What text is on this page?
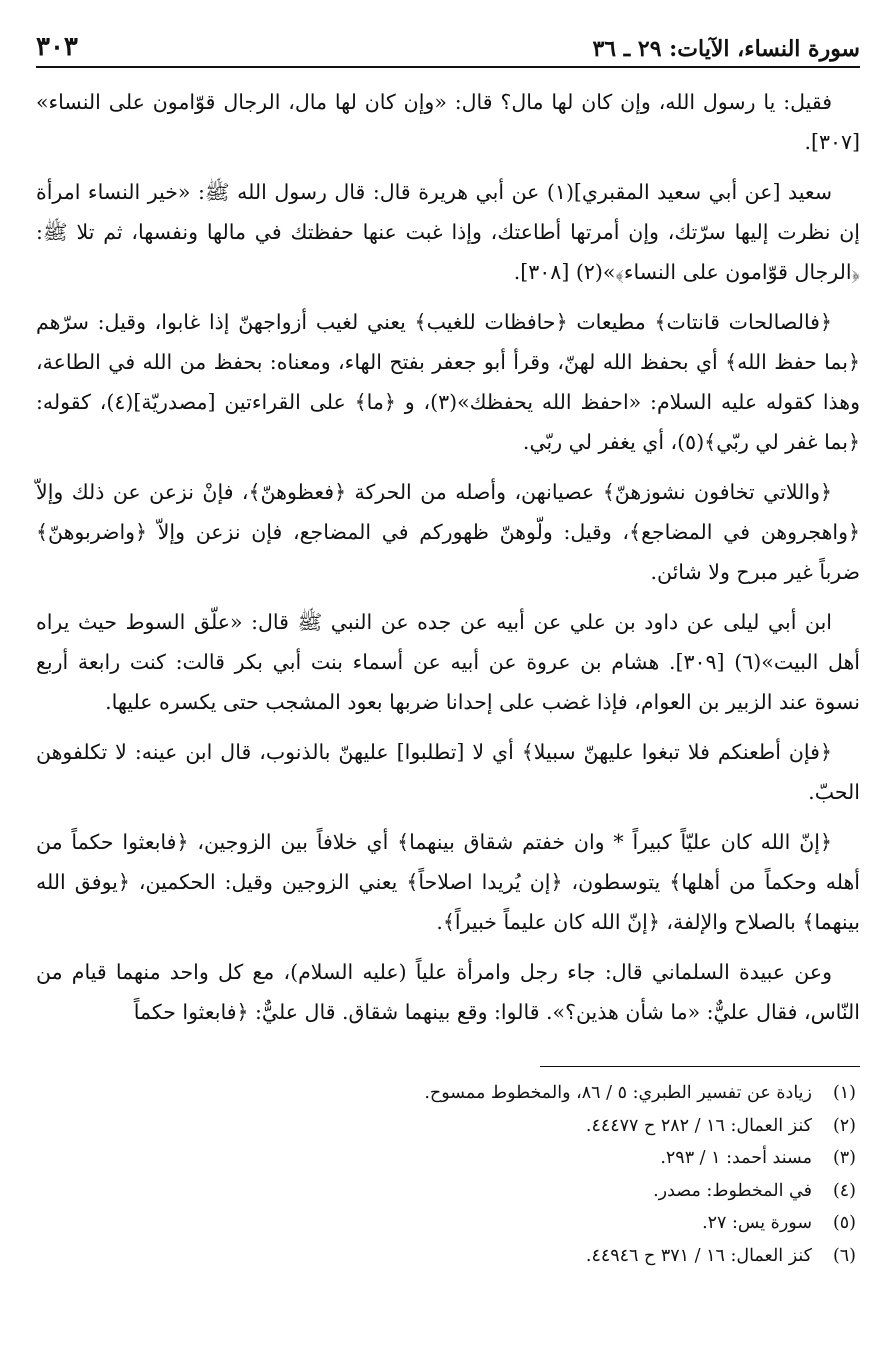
سورة النساء، الآيات: ٢٩ ـ ٣٦
٣٠٣

فقيل: يا رسول الله، وإن كان لها مال؟ قال: «وإن كان لها مال، الرجال قوّامون على النساء» [٣٠٧].

سعيد [عن أبي سعيد المقبري](١) عن أبي هريرة قال: قال رسول الله ﷺ: «خير النساء امرأة إن نظرت إليها سرّتك، وإن أمرتها أطاعتك، وإذا غبت عنها حفظتك في مالها ونفسها، ثم تلا ﷺ: ﴿الرجال قوّامون على النساء﴾»(٢) [٣٠٨].

﴿فالصالحات قانتات﴾ مطيعات ﴿حافظات للغيب﴾ يعني لغيب أزواجهنّ إذا غابوا، وقيل: سرّهم ﴿بما حفظ الله﴾ أي بحفظ الله لهنّ، وقرأ أبو جعفر بفتح الهاء، ومعناه: بحفظ من الله في الطاعة، وهذا كقوله عليه السلام: «احفظ الله يحفظك»(٣)، و ﴿ما﴾ على القراءتين [مصدريّة](٤)، كقوله: ﴿بما غفر لي ربّي﴾(٥)، أي يغفر لي ربّي.

﴿واللاتي تخافون نشوزهنّ﴾ عصيانهن، وأصله من الحركة ﴿فعظوهنّ﴾، فإنْ نزعن عن ذلك وإلاّ ﴿واهجروهن في المضاجع﴾، وقيل: ولّوهنّ ظهوركم في المضاجع، فإن نزعن وإلاّ ﴿واضربوهنّ﴾ ضرباً غير مبرح ولا شائن.

ابن أبي ليلى عن داود بن علي عن أبيه عن جده عن النبي ﷺ قال: «علّق السوط حيث يراه أهل البيت»(٦) [٣٠٩]. هشام بن عروة عن أبيه عن أسماء بنت أبي بكر قالت: كنت رابعة أربع نسوة عند الزبير بن العوام، فإذا غضب على إحدانا ضربها بعود المشجب حتى يكسره عليها.

﴿فإن أطعنكم فلا تبغوا عليهنّ سبيلا﴾ أي لا [تطلبوا] عليهنّ بالذنوب، قال ابن عينه: لا تكلفوهن الحبّ.

﴿إنّ الله كان عليّاً كبيراً * وان خفتم شقاق بينهما﴾ أي خلافاً بين الزوجين، ﴿فابعثوا حكماً من أهله وحكماً من أهلها﴾ يتوسطون، ﴿إن يُريدا اصلاحاً﴾ يعني الزوجين وقيل: الحكمين، ﴿يوفق الله بينهما﴾ بالصلاح والإلفة، ﴿إنّ الله كان عليماً خبيراً﴾.

وعن عبيدة السلماني قال: جاء رجل وامرأة علياً (عليه السلام)، مع كل واحد منهما قيام من النّاس، فقال عليٌّ: «ما شأن هذين؟». قالوا: وقع بينهما شقاق. قال عليٌّ: ﴿فابعثوا حكماً

(١)
زيادة عن تفسير الطبري: ٥ / ٨٦، والمخطوط ممسوح.
(٢)
كنز العمال: ١٦ / ٢٨٢ ح ٤٤٤٧٧.
(٣)
مسند أحمد: ١ / ٢٩٣.
(٤)
في المخطوط: مصدر.
(٥)
سورة يس: ٢٧.
(٦)
كنز العمال: ١٦ / ٣٧١ ح ٤٤٩٤٦.
